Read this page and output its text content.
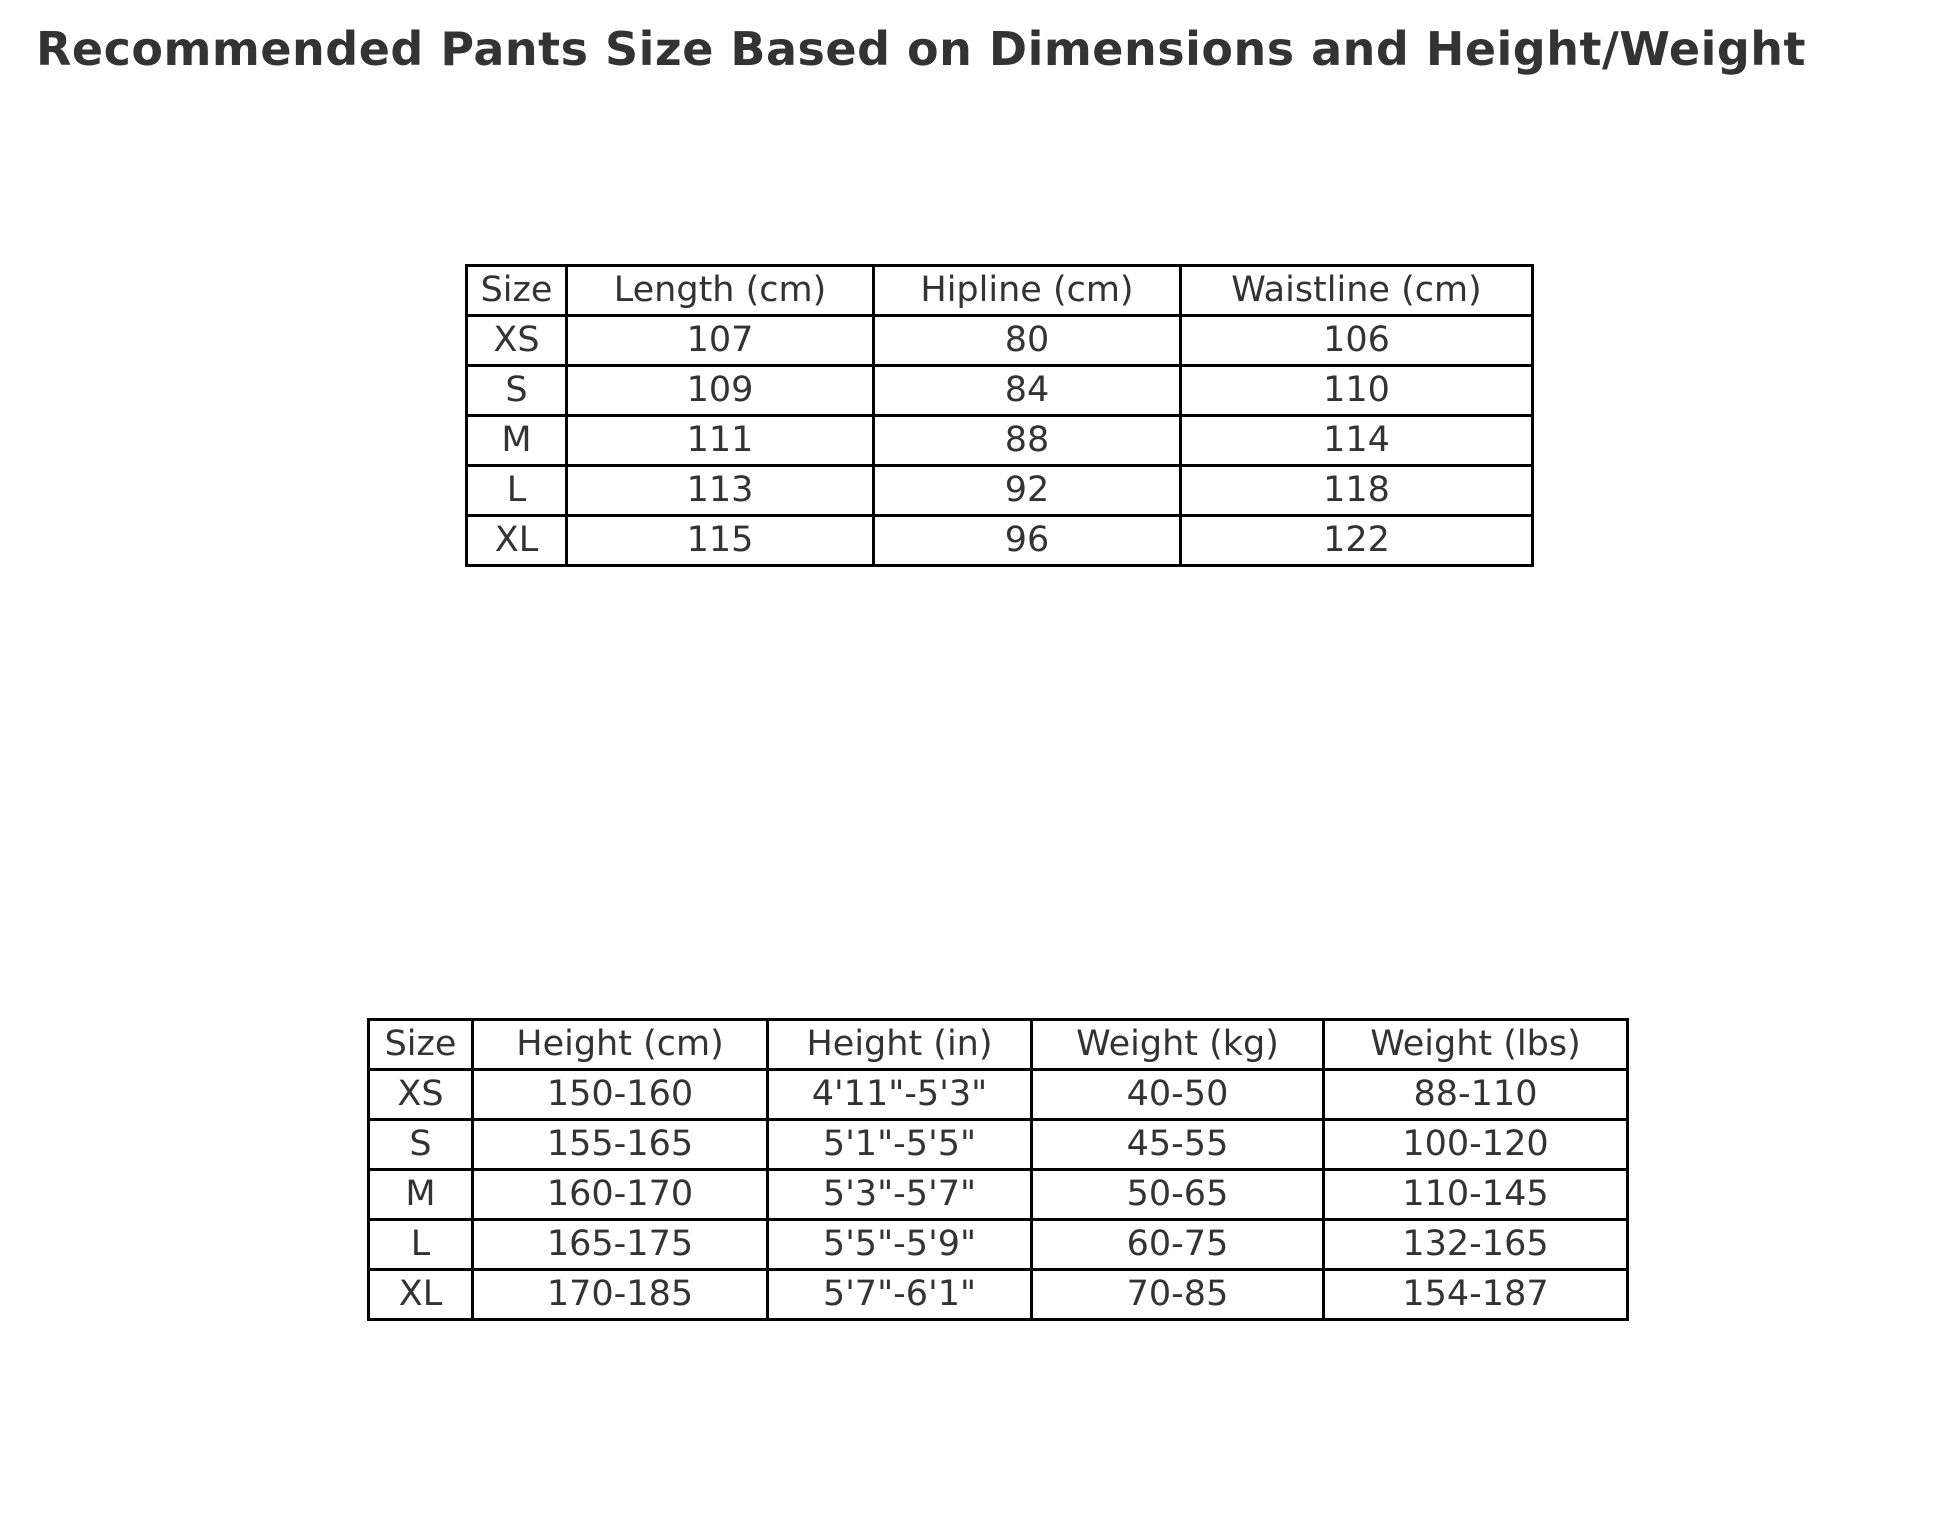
Recommended Pants Size Based on Dimensions and Height/Weight
Size	Length (cm)	Hipline (cm)	Waistline (cm)
XS	107	80	106
S	109	84	110
M	111	88	114
L	113	92	118
XL	115	96	122
Size	Height (cm)	Height (in)	Weight (kg)	Weight (lbs)
XS	150-160	4'11"-5'3"	40-50	88-110
S	155-165	5'1"-5'5"	45-55	100-120
M	160-170	5'3"-5'7"	50-65	110-145
L	165-175	5'5"-5'9"	60-75	132-165
XL	170-185	5'7"-6'1"	70-85	154-187
